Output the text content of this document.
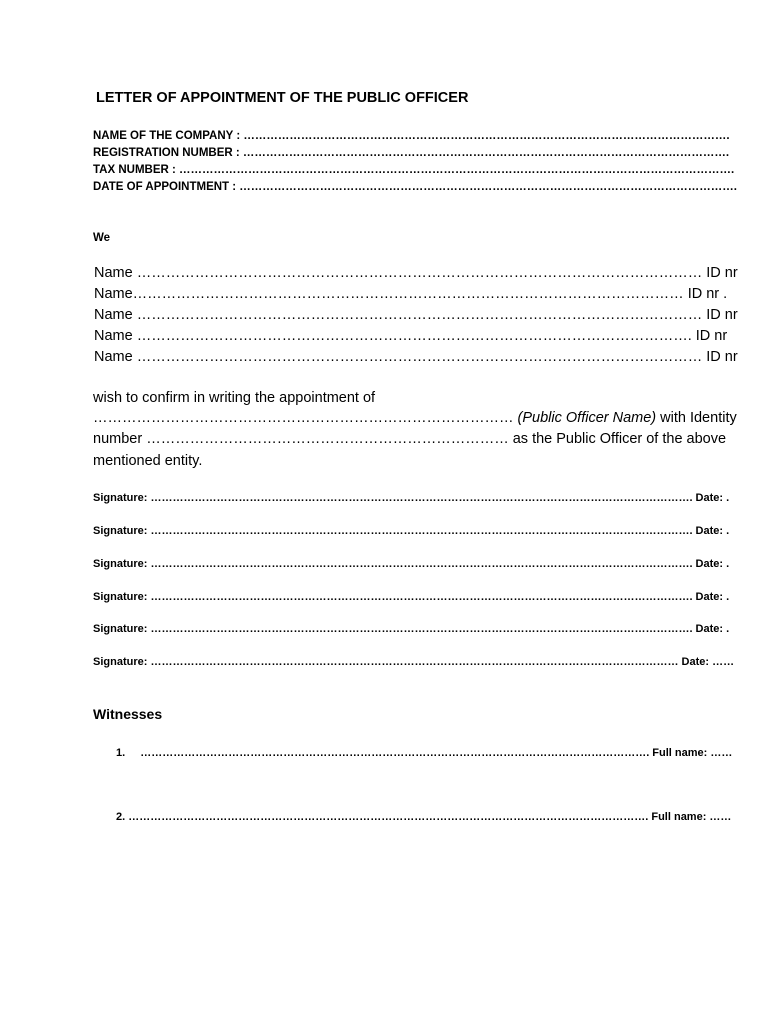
LETTER OF APPOINTMENT OF THE PUBLIC OFFICER

NAME OF THE COMPANY : ……………………………………………………………………………………………………………….

REGISTRATION NUMBER : ……………………………………………………………………………………………………………….

TAX NUMBER : ……………………………………………………………………………………………………………………………….

DATE OF APPOINTMENT : ………………………………………………………………………………………………………………….

We

Name ……………………………………………………………………………………………………… ID nr

Name…………………………………………………………………………………………………… ID nr .

Name ……………………………………………………………………………………………………… ID nr

Name ……………………………………………………………………………………………………. ID nr

Name ……………………………………………………………………………………………………… ID nr

wish to confirm in writing the appointment of

…………………………………………………………………………… (Public Officer Name) with Identity

number ………………………………………………………………… as the Public Officer of the above

mentioned entity.

Signature: …………………………………………………………………………………………………………………………………. Date: .

Signature: …………………………………………………………………………………………………………………………………. Date: .

Signature: …………………………………………………………………………………………………………………………………. Date: .

Signature: …………………………………………………………………………………………………………………………………. Date: .

Signature: …………………………………………………………………………………………………………………………………. Date: .

Signature: ……………………………………………………………………………………………………………………………… Date: ……

Witnesses

1. …………………………………………………………………………………………………………………………. Full name: ……

2. ……………………………………………………………………………………………………………………………. Full name: ……
